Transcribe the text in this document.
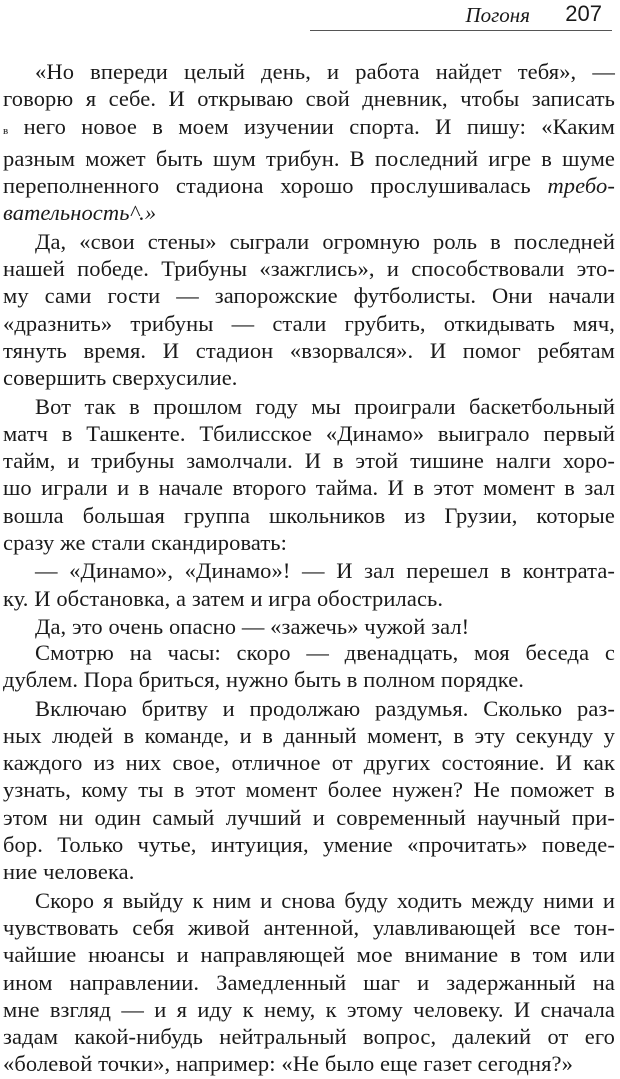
Погоня 207
«Но впереди целый день, и работа найдет тебя», —
говорю я себе. И открываю свой дневник, чтобы записать
в него новое в моем изучении спорта. И пишу: «Каким
разным может быть шум трибун. В последний игре в шуме
переполненного стадиона хорошо прослушивалась требо-
вательность^.»
Да, «свои стены» сыграли огромную роль в последней
нашей победе. Трибуны «зажглись», и способствовали это-
му сами гости — запорожские футболисты. Они начали
«дразнить» трибуны — стали грубить, откидывать мяч,
тянуть время. И стадион «взорвался». И помог ребятам
совершить сверхусилие.
Вот так в прошлом году мы проиграли баскетбольный
матч в Ташкенте. Тбилисское «Динамо» выиграло первый
тайм, и трибуны замолчали. И в этой тишине налги хоро-
шо играли и в начале второго тайма. И в этот момент в зал
вошла большая группа школьников из Грузии, которые
сразу же стали скандировать:
— «Динамо», «Динамо»! — И зал перешел в контрата-
ку. И обстановка, а затем и игра обострилась.
Да, это очень опасно — «зажечь» чужой зал!
Смотрю на часы: скоро — двенадцать, моя беседа с
дублем. Пора бриться, нужно быть в полном порядке.
Включаю бритву и продолжаю раздумья. Сколько раз-
ных людей в команде, и в данный момент, в эту секунду у
каждого из них свое, отличное от других состояние. И как
узнать, кому ты в этот момент более нужен? Не поможет в
этом ни один самый лучший и современный научный при-
бор. Только чутье, интуиция, умение «прочитать» поведе-
ние человека.
Скоро я выйду к ним и снова буду ходить между ними и
чувствовать себя живой антенной, улавливающей все тон-
чайшие нюансы и направляющей мое внимание в том или
ином направлении. Замедленный шаг и задержанный на
мне взгляд — и я иду к нему, к этому человеку. И сначала
задам какой-нибудь нейтральный вопрос, далекий от его
«болевой точки», например: «Не было еще газет сегодня?»
